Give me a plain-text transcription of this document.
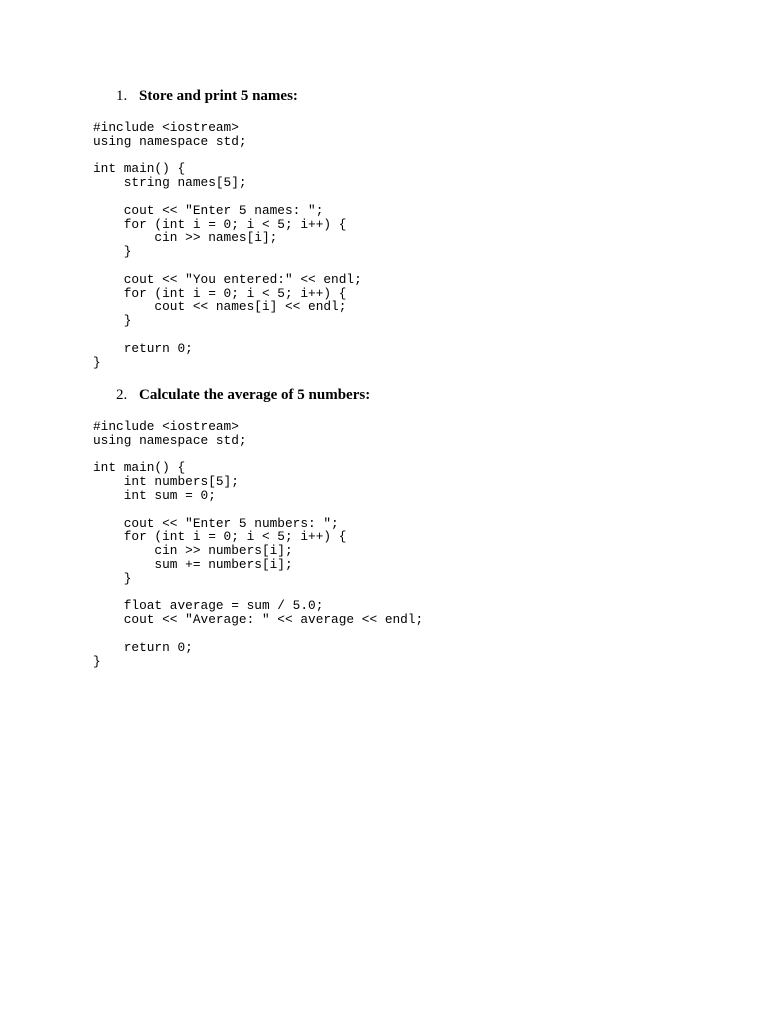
1. Store and print 5 names:
#include <iostream>
using namespace std;
int main() {
string names[5];
cout << "Enter 5 names: ";
for (int i = 0; i < 5; i++) {
cin >> names[i];
}
cout << "You entered:" << endl;
for (int i = 0; i < 5; i++) {
cout << names[i] << endl;
}
return 0;
}
2. Calculate the average of 5 numbers:
#include <iostream>
using namespace std;
int main() {
int numbers[5];
int sum = 0;
cout << "Enter 5 numbers: ";
for (int i = 0; i < 5; i++) {
cin >> numbers[i];
sum += numbers[i];
}
float average = sum / 5.0;
cout << "Average: " << average << endl;
return 0;
}
